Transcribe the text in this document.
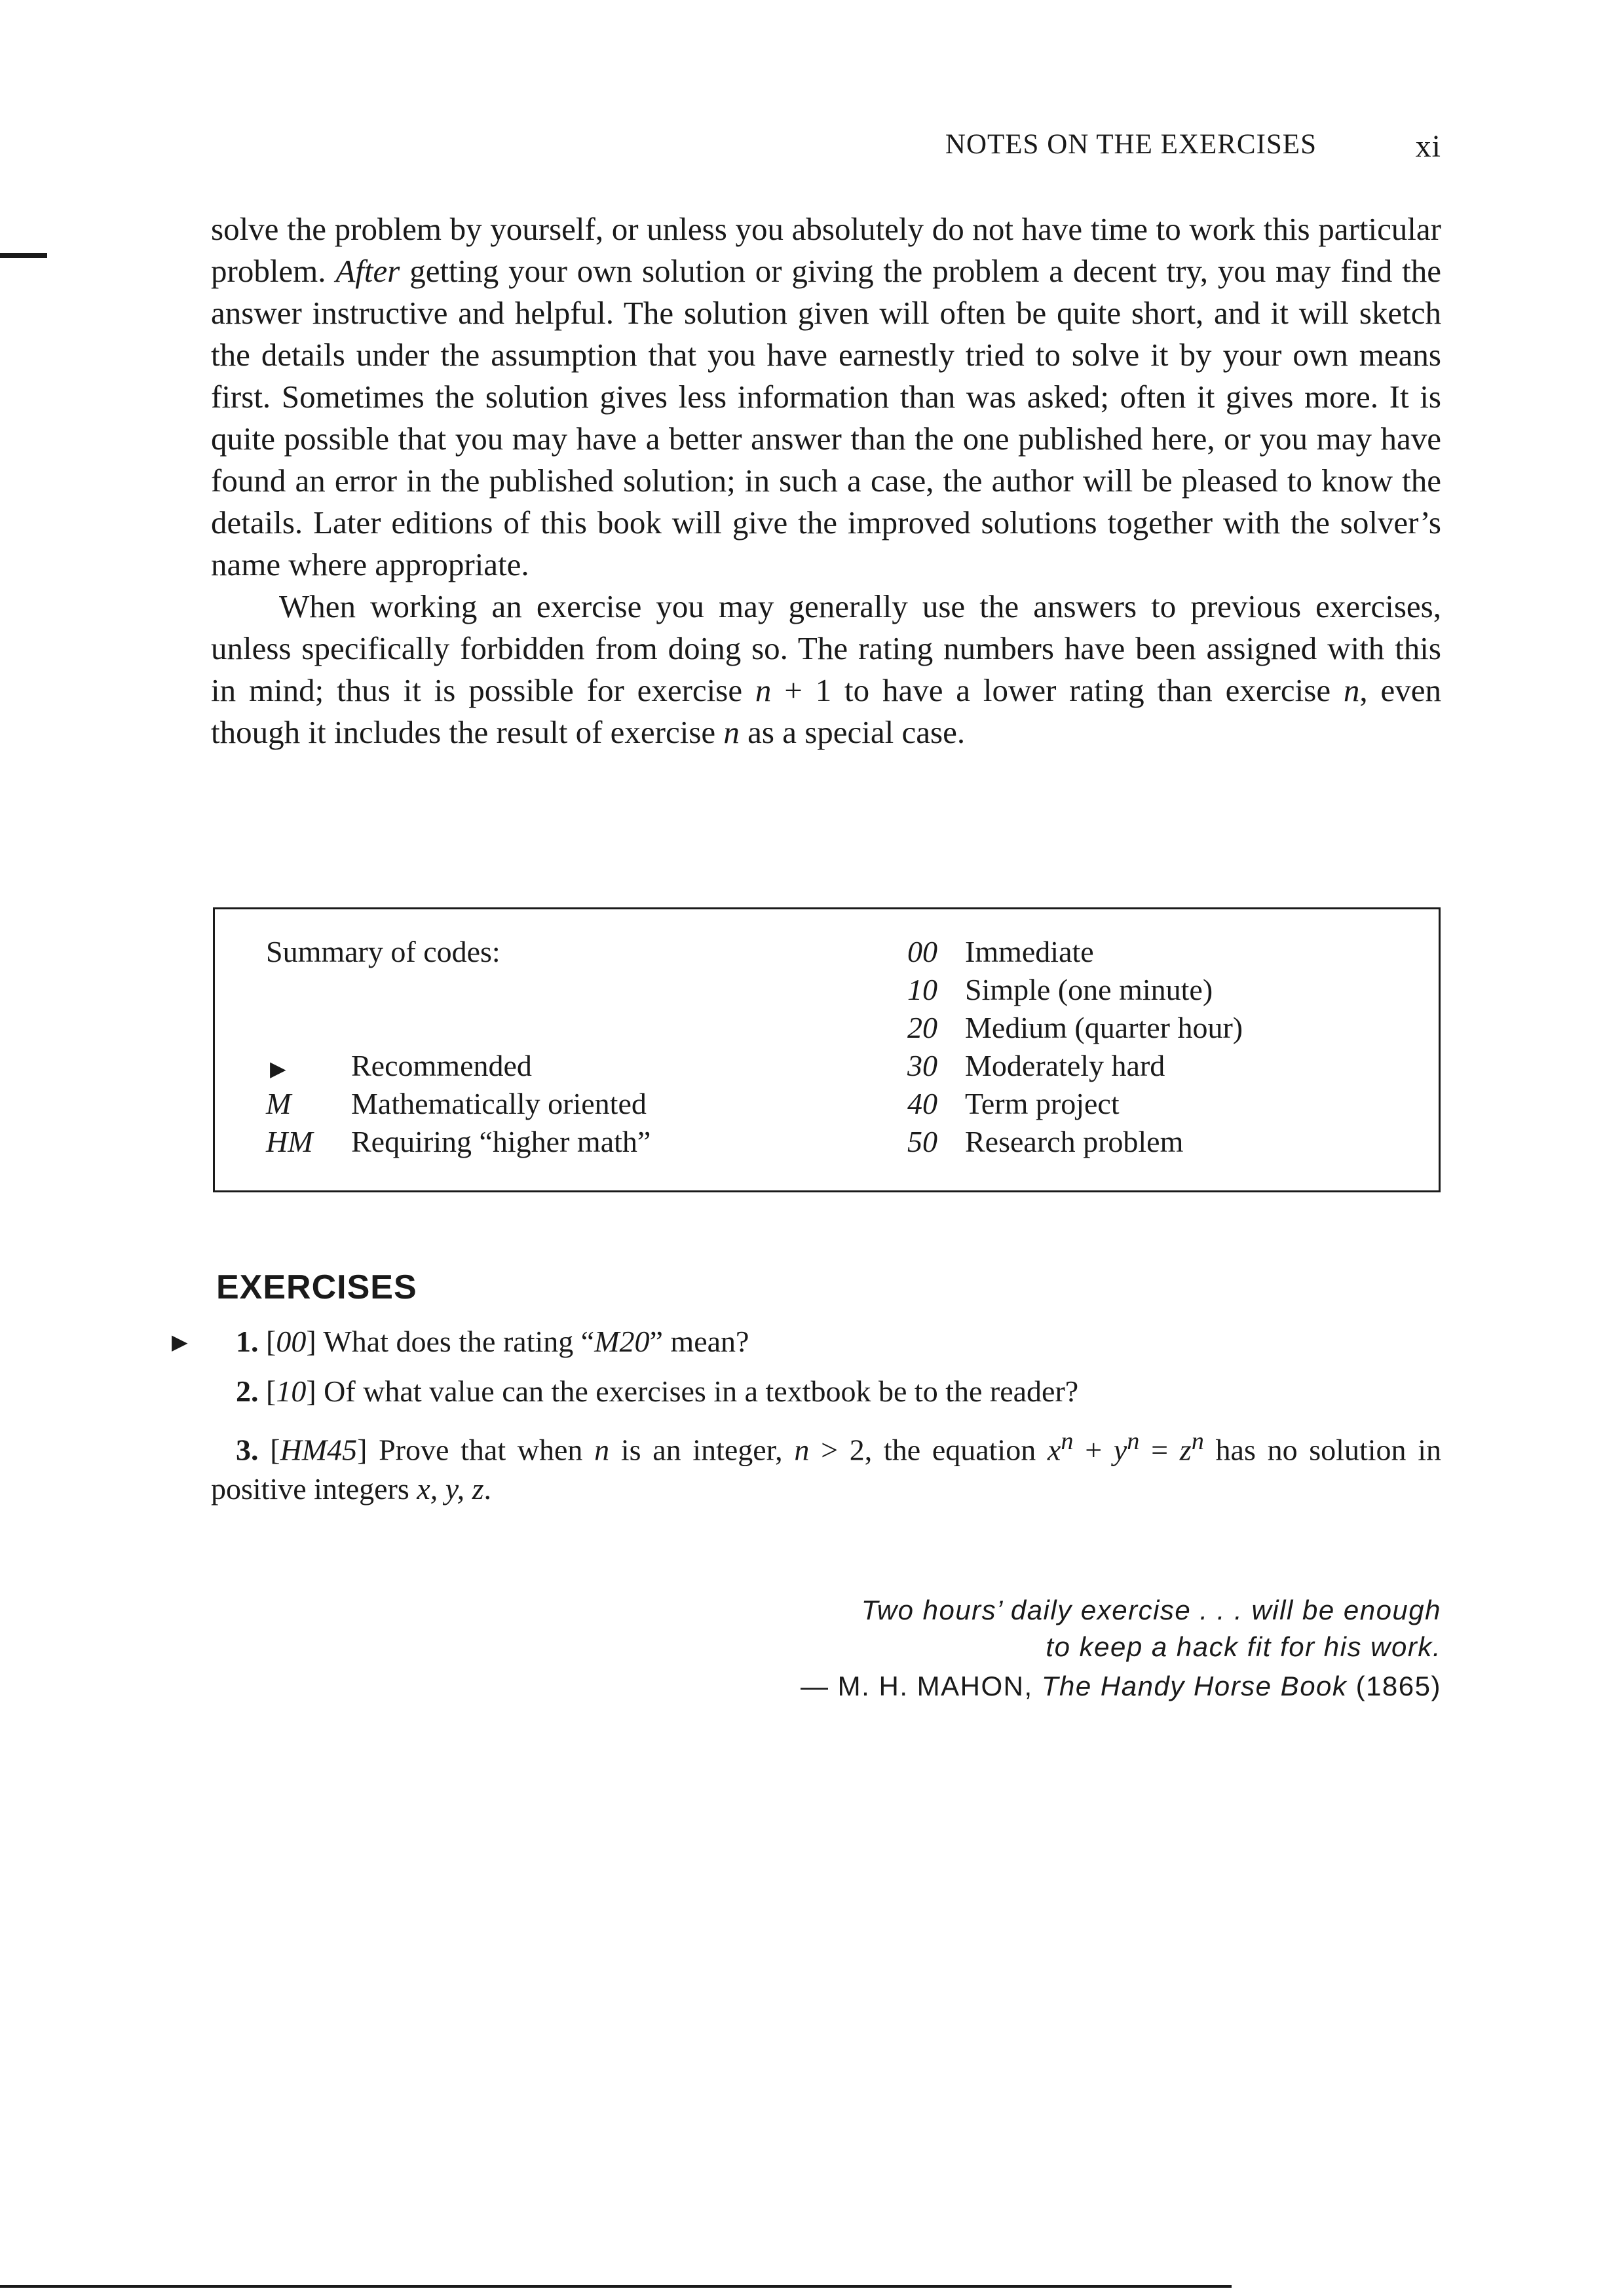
NOTES ON THE EXERCISES	xi

solve the problem by yourself, or unless you absolutely do not have time to work this particular problem. After getting your own solution or giving the problem a decent try, you may find the answer instructive and helpful. The solution given will often be quite short, and it will sketch the details under the assumption that you have earnestly tried to solve it by your own means first. Sometimes the solution gives less information than was asked; often it gives more. It is quite possible that you may have a better answer than the one published here, or you may have found an error in the published solution; in such a case, the author will be pleased to know the details. Later editions of this book will give the improved solutions together with the solver’s name where appropriate.

When working an exercise you may generally use the answers to previous exercises, unless specifically forbidden from doing so. The rating numbers have been assigned with this in mind; thus it is possible for exercise n + 1 to have a lower rating than exercise n, even though it includes the result of exercise n as a special case.

Summary of codes:
▶ Recommended
M Mathematically oriented
HM Requiring “higher math”
00 Immediate
10 Simple (one minute)
20 Medium (quarter hour)
30 Moderately hard
40 Term project
50 Research problem
EXERCISES
▶ 1. [00] What does the rating “M20” mean?
2. [10] Of what value can the exercises in a textbook be to the reader?
3. [HM45] Prove that when n is an integer, n > 2, the equation $x^n + y^n = z^n$ has no solution in positive integers x, y, z.
Two hours’ daily exercise . . . will be enough
to keep a hack fit for his work.
— M. H. MAHON, The Handy Horse Book (1865)
